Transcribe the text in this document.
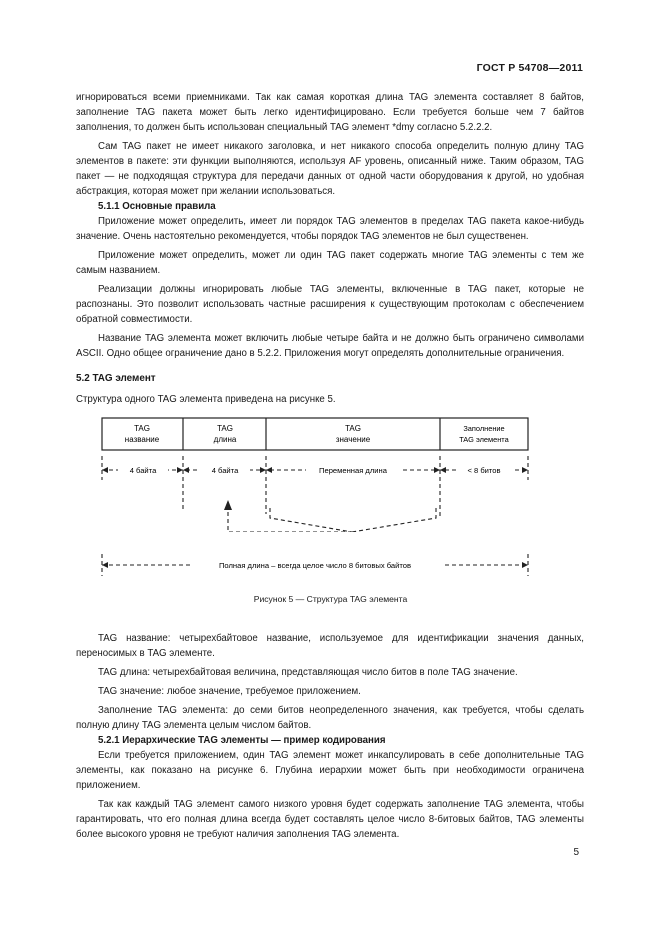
ГОСТ Р 54708—2011

игнорироваться всеми приемниками. Так как самая короткая длина TAG элемента составляет 8 байтов, заполнение TAG пакета может быть легко идентифицировано. Если требуется больше чем 7 байтов заполнения, то должен быть использован специальный TAG элемент *dmy согласно 5.2.2.2.

Сам TAG пакет не имеет никакого заголовка, и нет никакого способа определить полную длину TAG элементов в пакете: эти функции выполняются, используя AF уровень, описанный ниже. Таким образом, TAG пакет — не подходящая структура для передачи данных от одной части оборудования к другой, но удобная абстракция, которая может при желании использоваться.

5.1.1 Основные правила

Приложение может определить, имеет ли порядок TAG элементов в пределах TAG пакета какое-нибудь значение. Очень настоятельно рекомендуется, чтобы порядок TAG элементов не был существенен.

Приложение может определить, может ли один TAG пакет содержать многие TAG элементы с тем же самым названием.

Реализации должны игнорировать любые TAG элементы, включенные в TAG пакет, которые не распознаны. Это позволит использовать частные расширения к существующим протоколам с обеспечением обратной совместимости.

Название TAG элемента может включить любые четыре байта и не должно быть ограничено символами ASCII. Одно общее ограничение дано в 5.2.2. Приложения могут определять дополнительные ограничения.

5.2 TAG элемент

Структура одного TAG элемента приведена на рисунке 5.

TAG
название
TAG
длина
TAG
значение
Заполнение
TAG элемента
4 байта	4 байта	Переменная длина	< 8 битов
Полная длина – всегда целое число 8 битовых байтов
Рисунок 5 — Структура TAG элемента

TAG название: четырехбайтовое название, используемое для идентификации значения данных, переносимых в TAG элементе.

TAG длина: четырехбайтовая величина, представляющая число битов в поле TAG значение.

TAG значение: любое значение, требуемое приложением.

Заполнение TAG элемента: до семи битов неопределенного значения, как требуется, чтобы сделать полную длину TAG элемента целым числом байтов.

5.2.1 Иерархические TAG элементы — пример кодирования

Если требуется приложением, один TAG элемент может инкапсулировать в себе дополнительные TAG элементы, как показано на рисунке 6. Глубина иерархии может быть при необходимости ограничена приложением.

Так как каждый TAG элемент самого низкого уровня будет содержать заполнение TAG элемента, чтобы гарантировать, что его полная длина всегда будет составлять целое число 8-битовых байтов, TAG элементы более высокого уровня не требуют наличия заполнения TAG элемента.

5
